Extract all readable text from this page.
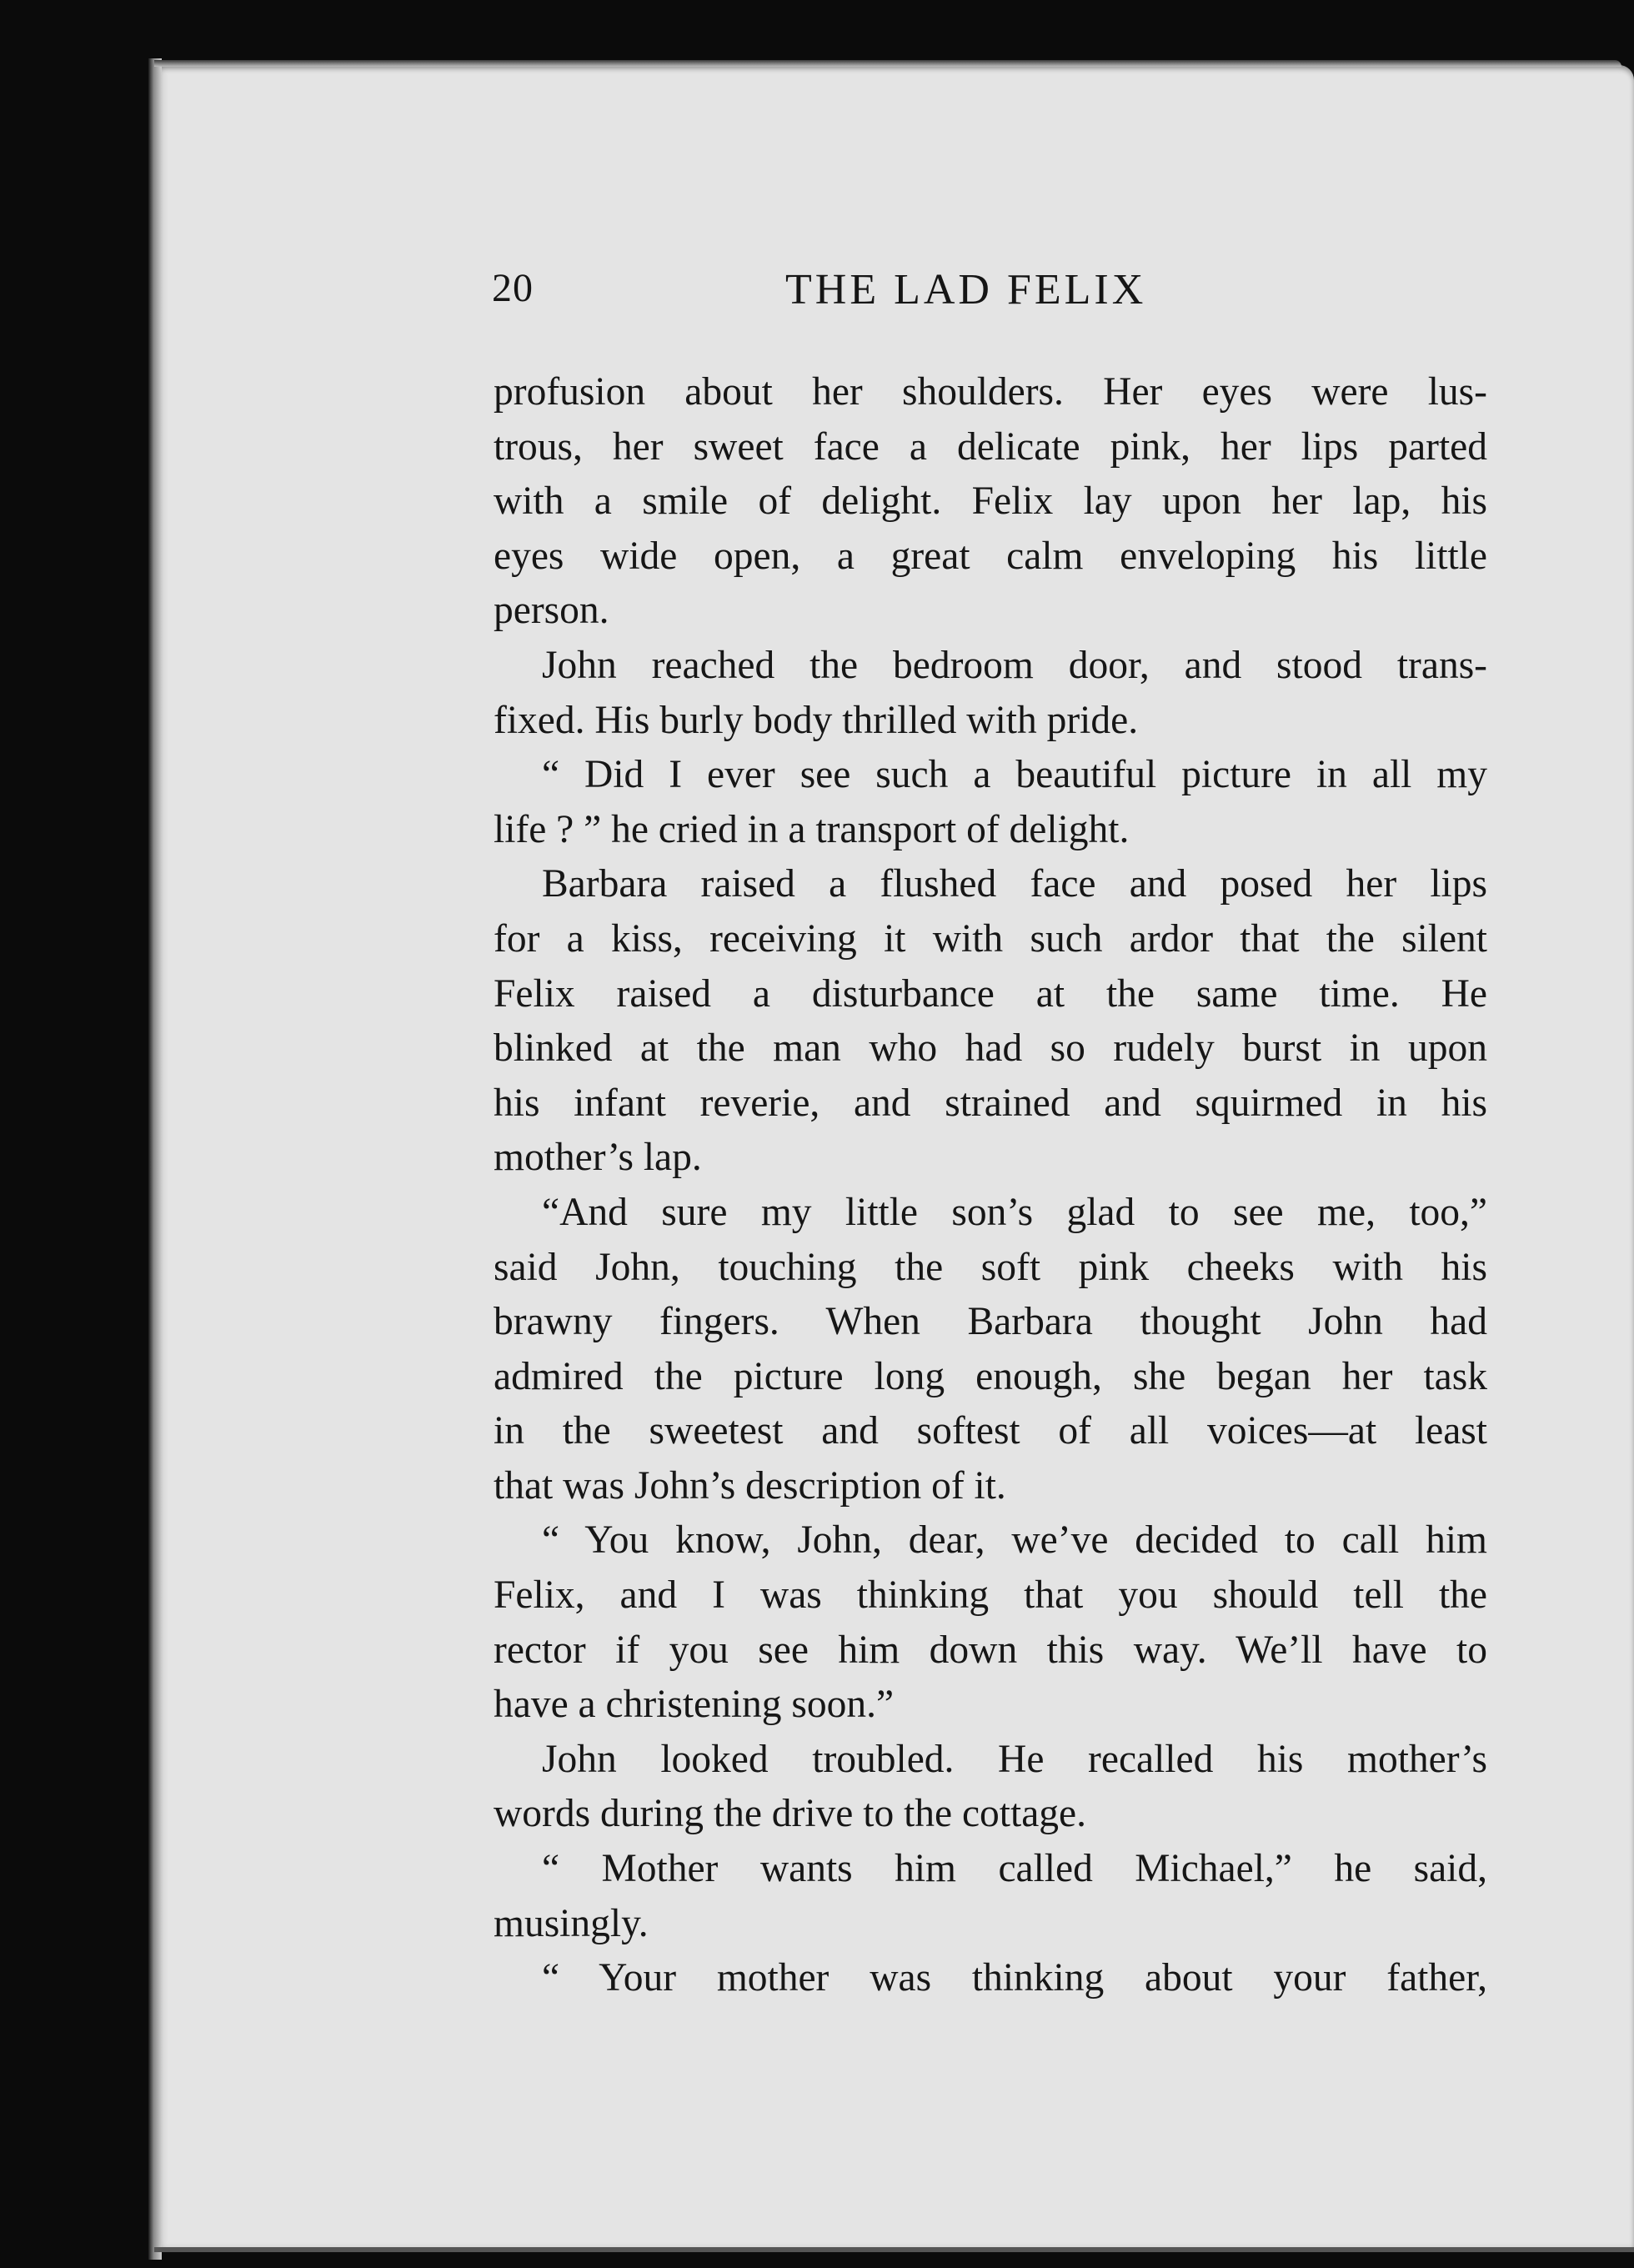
20	THE LAD FELIX
profusion about her shoulders. Her eyes were lus-
trous, her sweet face a delicate pink, her lips parted
with a smile of delight. Felix lay upon her lap, his
eyes wide open, a great calm enveloping his little
person.
John reached the bedroom door, and stood trans-
fixed. His burly body thrilled with pride.
“ Did I ever see such a beautiful picture in all my
life ? ” he cried in a transport of delight.
Barbara raised a flushed face and posed her li⁠ps
for a kiss, receiving it with such ardor that the silent
Felix raised a disturbance at the same time. He
blinked at the man who had so rudely burst in upon
his infant reverie, and strained and squirmed in his
mother’s lap.
“And sure my little son’s glad to see me, too,”
said John, touching the soft pink cheeks with his
brawny fingers. When Barbara thought John had
admired the picture long enough, she began her task
in the sweetest and softest of all voices—at least
that was John’s description of it.
“ You know, John, dear, we’ve decided to call him
Felix, and I was thinking that you should tell the
rector if you see him down this way. We’ll have to
have a christening soon.”
John looked troubled. He recalled his mother’s
words during the drive to the cottage.
“ Mother wants him called Michael,” he said,
musingly.
“ Your mother was thinking about your father,
